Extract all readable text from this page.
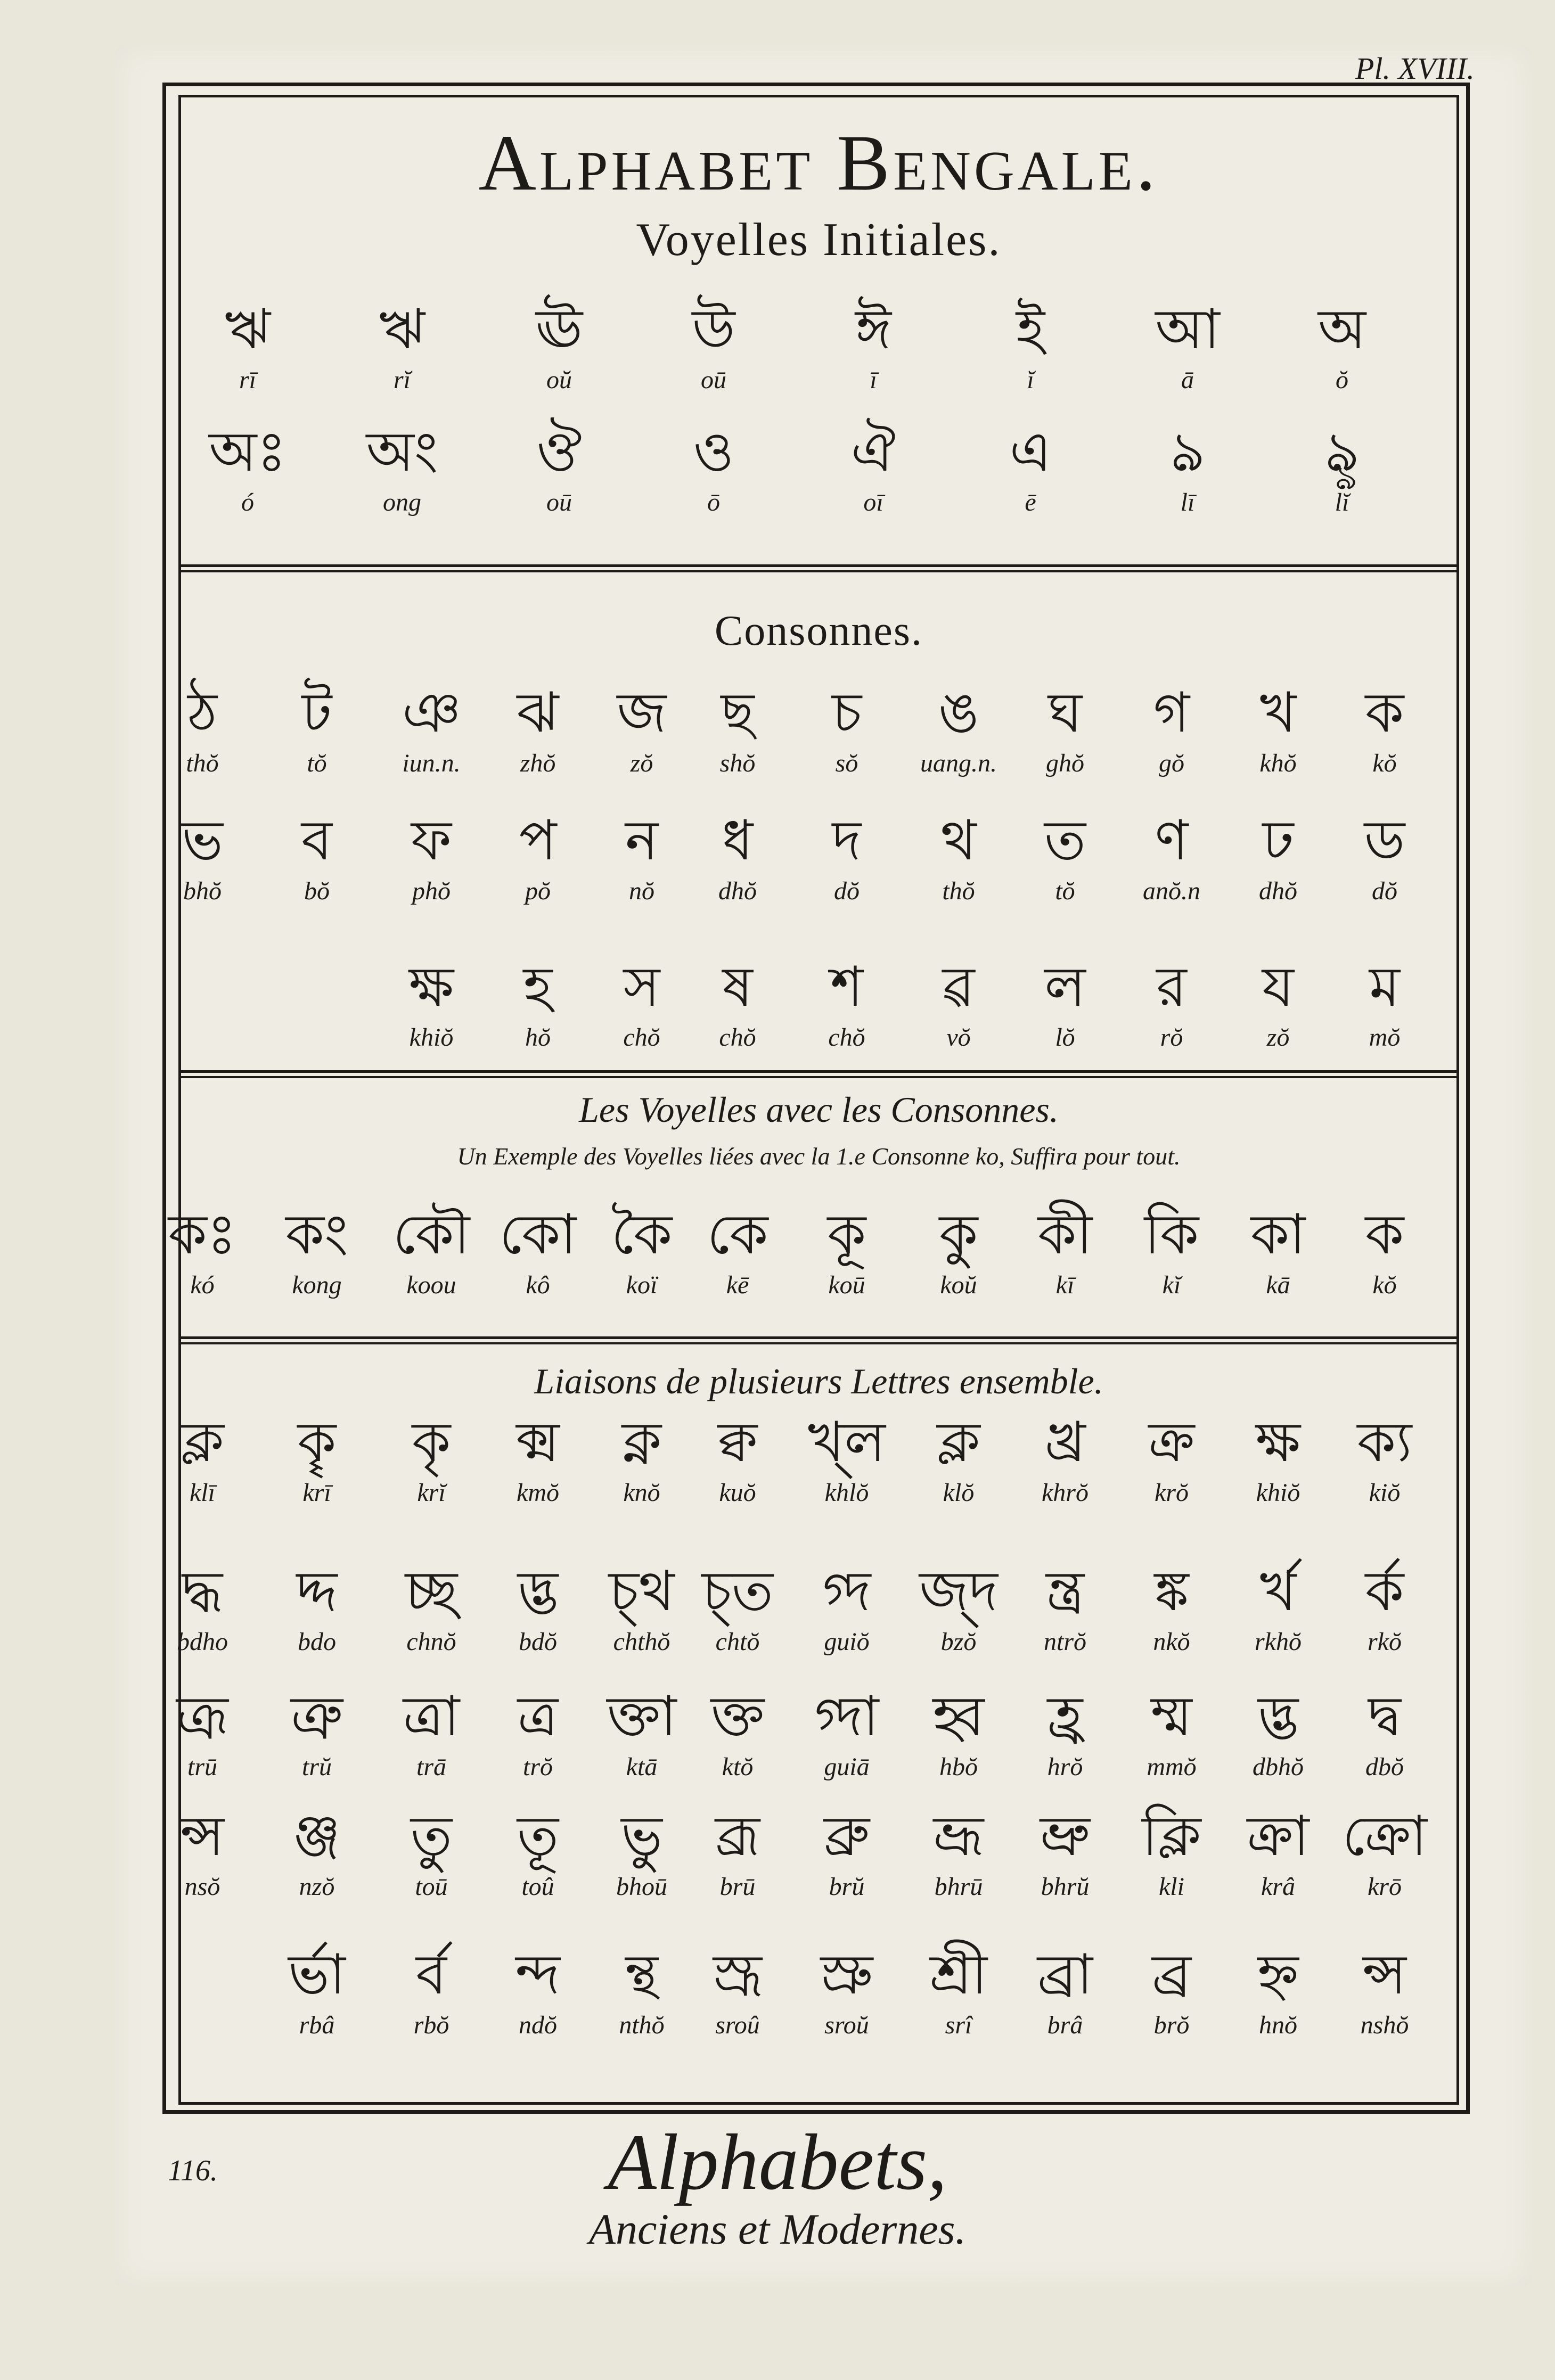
Pl. XVIII.
Alphabet Bengale.
Voyelles Initiales.
Consonnes.
Les Voyelles avec les Consonnes.
Un Exemple des Voyelles liées avec la 1.e Consonne ko, Suffira pour tout.
Liaisons de plusieurs Lettres ensemble.
ঋ
rī
ঋ
rĭ
ঊ
oŭ
উ
oū
ঈ
ī
ই
ĭ
আ
ā
অ
ŏ
অঃ
ó
অং
ong
ঔ
oū
ও
ō
ঐ
oī
এ
ē
ঌ
lī
ৡ
lĭ
ঠ
thŏ
ট
tŏ
ঞ
iun.n.
ঝ
zhŏ
জ
zŏ
ছ
shŏ
চ
sŏ
ঙ
uang.n.
ঘ
ghŏ
গ
gŏ
খ
khŏ
ক
kŏ
ভ
bhŏ
ব
bŏ
ফ
phŏ
প
pŏ
ন
nŏ
ধ
dhŏ
দ
dŏ
থ
thŏ
ত
tŏ
ণ
anŏ.n
ঢ
dhŏ
ড
dŏ
ক্ষ
khiŏ
হ
hŏ
স
chŏ
ষ
chŏ
শ
chŏ
ৱ
vŏ
ল
lŏ
র
rŏ
য
zŏ
ম
mŏ
কঃ
kó
কং
kong
কৌ
koou
কো
kô
কৈ
koï
কে
kē
কূ
koū
কু
koŭ
কী
kī
কি
kĭ
কা
kā
ক
kŏ
ক্ল
klī
কৄ
krī
কৃ
krĭ
ক্ম
kmŏ
ক্ন
knŏ
ক্ব
kuŏ
খ্ল
khlŏ
ক্ল
klŏ
খ্র
khrŏ
ক্র
krŏ
ক্ষ
khiŏ
ক্য
kiŏ
দ্ধ
bdho
দ্দ
bdo
চ্ছ
chnŏ
দ্ভ
bdŏ
চ্থ
chthŏ
চ্ত
chtŏ
গ্দ
guiŏ
জ্দ
bzŏ
ন্ত্র
ntrŏ
ঙ্ক
nkŏ
র্খ
rkhŏ
র্ক
rkŏ
ত্রূ
trū
ত্রু
trŭ
ত্রা
trā
ত্র
trŏ
ক্তা
ktā
ক্ত
ktŏ
গ্দা
guiā
হ্ব
hbŏ
হ্র
hrŏ
ম্ম
mmŏ
দ্ভ
dbhŏ
দ্ব
dbŏ
ন্স
nsŏ
ঞ্জ
nzŏ
তু
toū
তূ
toû
ভু
bhoū
ব্রূ
brū
ব্রু
brŭ
ভ্রূ
bhrū
ভ্রু
bhrŭ
ক্লি
kli
ক্রা
krâ
ক্রো
krō
র্ভা
rbâ
র্ব
rbŏ
ন্দ
ndŏ
ন্থ
nthŏ
স্রূ
sroû
স্রু
sroŭ
শ্রী
srî
ব্রা
brâ
ব্র
brŏ
হ্ন
hnŏ
ন্স
nshŏ
116.	Alphabets,
Anciens et Modernes.
